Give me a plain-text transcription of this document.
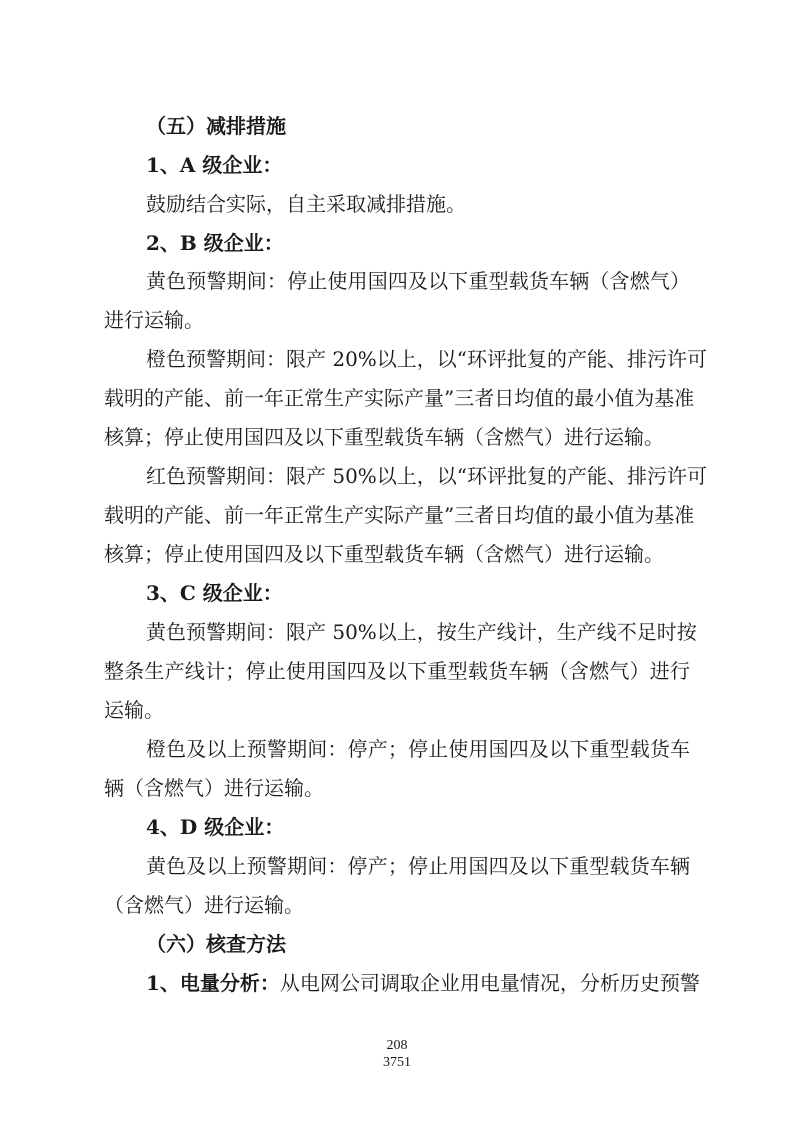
（五）减排措施
1、A 级企业：
鼓励结合实际，自主采取减排措施。
2、B 级企业：
黄色预警期间：停止使用国四及以下重型载货车辆（含燃气）
进行运输。
橙色预警期间：限产 20%以上，以“环评批复的产能、排污许可
载明的产能、前一年正常生产实际产量”三者日均值的最小值为基准
核算；停止使用国四及以下重型载货车辆（含燃气）进行运输。
红色预警期间：限产 50%以上，以“环评批复的产能、排污许可
载明的产能、前一年正常生产实际产量”三者日均值的最小值为基准
核算；停止使用国四及以下重型载货车辆（含燃气）进行运输。
3、C 级企业：
黄色预警期间：限产 50%以上，按生产线计，生产线不足时按
整条生产线计；停止使用国四及以下重型载货车辆（含燃气）进行
运输。
橙色及以上预警期间：停产；停止使用国四及以下重型载货车
辆（含燃气）进行运输。
4、D 级企业：
黄色及以上预警期间：停产；停止用国四及以下重型载货车辆
（含燃气）进行运输。
（六）核查方法
1、电量分析： 从电网公司调取企业用电量情况，分析历史预警
208
3751
